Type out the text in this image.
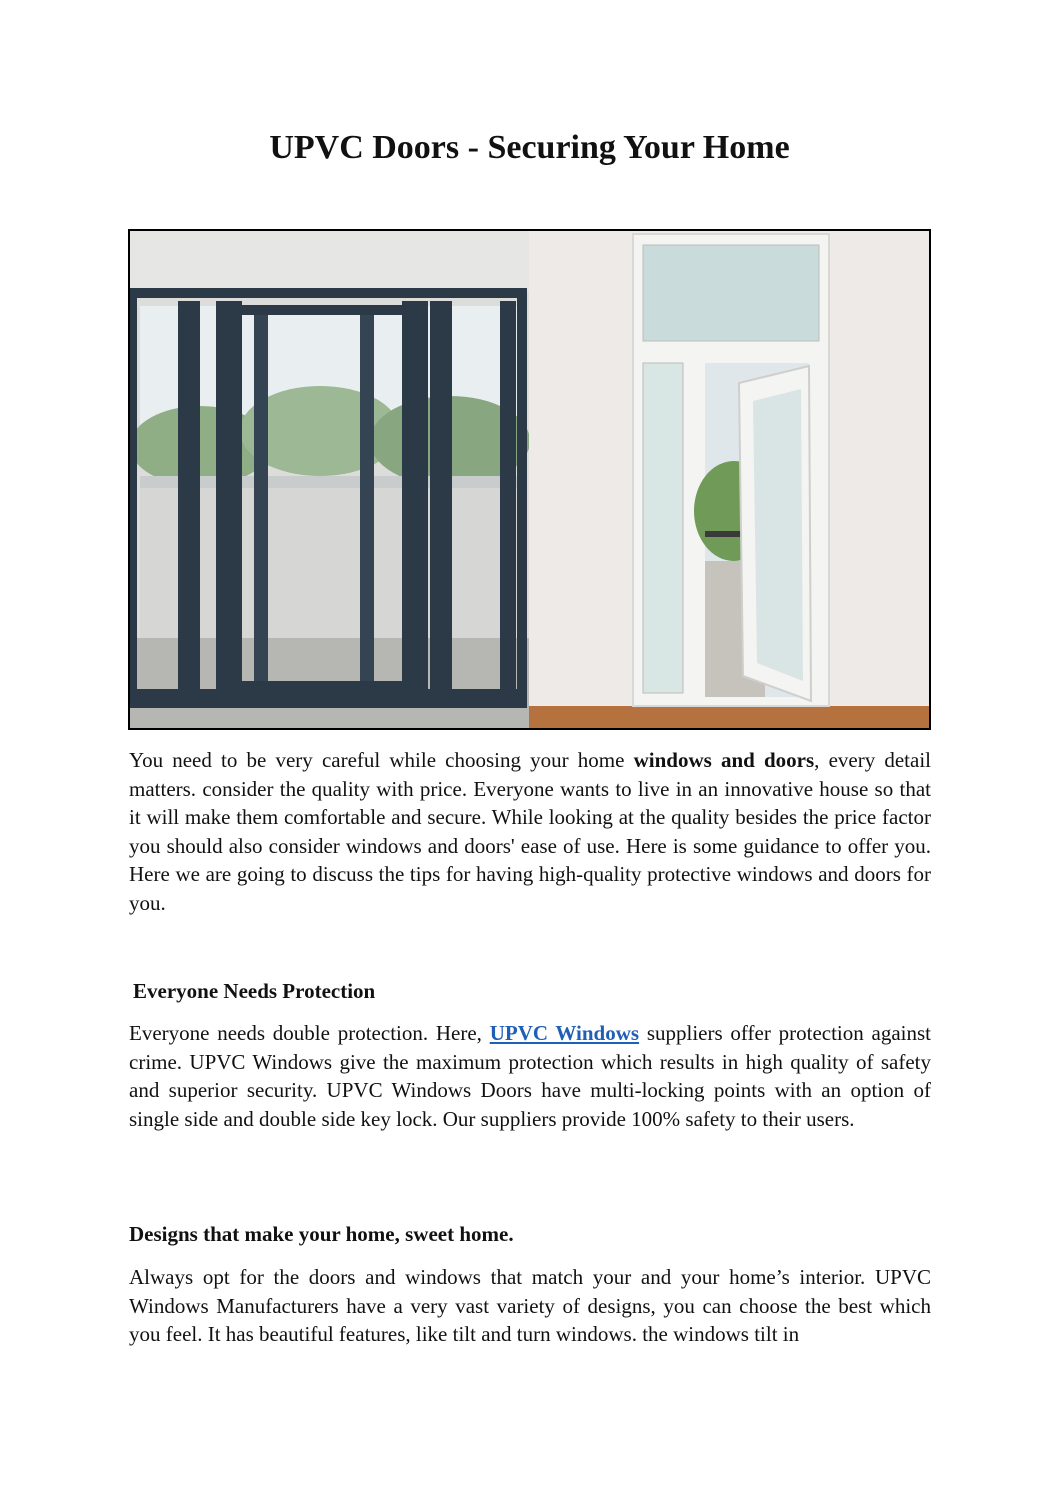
UPVC Doors - Securing Your Home

You need to be very careful while choosing your home windows and doors, every detail matters. consider the quality with price. Everyone wants to live in an innovative house so that it will make them comfortable and secure. While looking at the quality besides the price factor you should also consider windows and doors' ease of use. Here is some guidance to offer you. Here we are going to discuss the tips for having high-quality protective windows and doors for you.

Everyone Needs Protection

Everyone needs double protection. Here, UPVC Windows suppliers offer protection against crime. UPVC Windows give the maximum protection which results in high quality of safety and superior security. UPVC Windows Doors have multi-locking points with an option of single side and double side key lock. Our suppliers provide 100% safety to their users.

Designs that make your home, sweet home.

Always opt for the doors and windows that match your and your home’s interior. UPVC Windows Manufacturers have a very vast variety of designs, you can choose the best which you feel. It has beautiful features, like tilt and turn windows. the windows tilt in
